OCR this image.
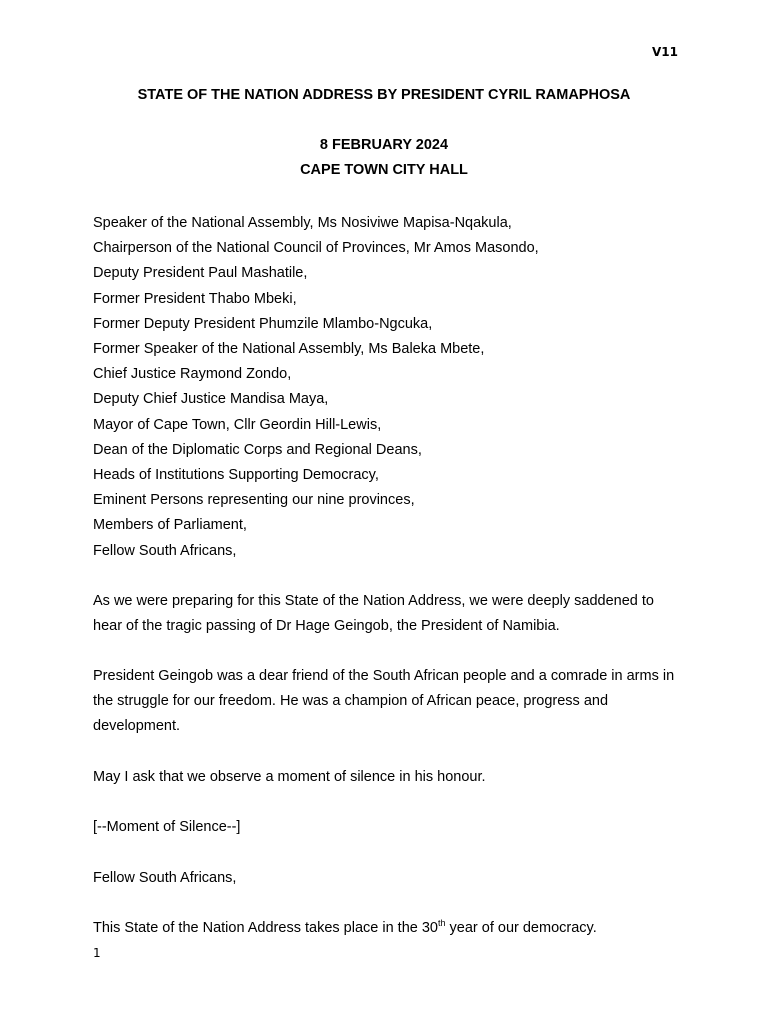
V11
STATE OF THE NATION ADDRESS BY PRESIDENT CYRIL RAMAPHOSA
8 FEBRUARY 2024
CAPE TOWN CITY HALL
Speaker of the National Assembly, Ms Nosiviwe Mapisa-Nqakula,
Chairperson of the National Council of Provinces, Mr Amos Masondo,
Deputy President Paul Mashatile,
Former President Thabo Mbeki,
Former Deputy President Phumzile Mlambo-Ngcuka,
Former Speaker of the National Assembly, Ms Baleka Mbete,
Chief Justice Raymond Zondo,
Deputy Chief Justice Mandisa Maya,
Mayor of Cape Town, Cllr Geordin Hill-Lewis,
Dean of the Diplomatic Corps and Regional Deans,
Heads of Institutions Supporting Democracy,
Eminent Persons representing our nine provinces,
Members of Parliament,
Fellow South Africans,
As we were preparing for this State of the Nation Address, we were deeply saddened to hear of the tragic passing of Dr Hage Geingob, the President of Namibia.
President Geingob was a dear friend of the South African people and a comrade in arms in the struggle for our freedom. He was a champion of African peace, progress and development.
May I ask that we observe a moment of silence in his honour.
[--Moment of Silence--]
Fellow South Africans,
This State of the Nation Address takes place in the 30th year of our democracy.
1
